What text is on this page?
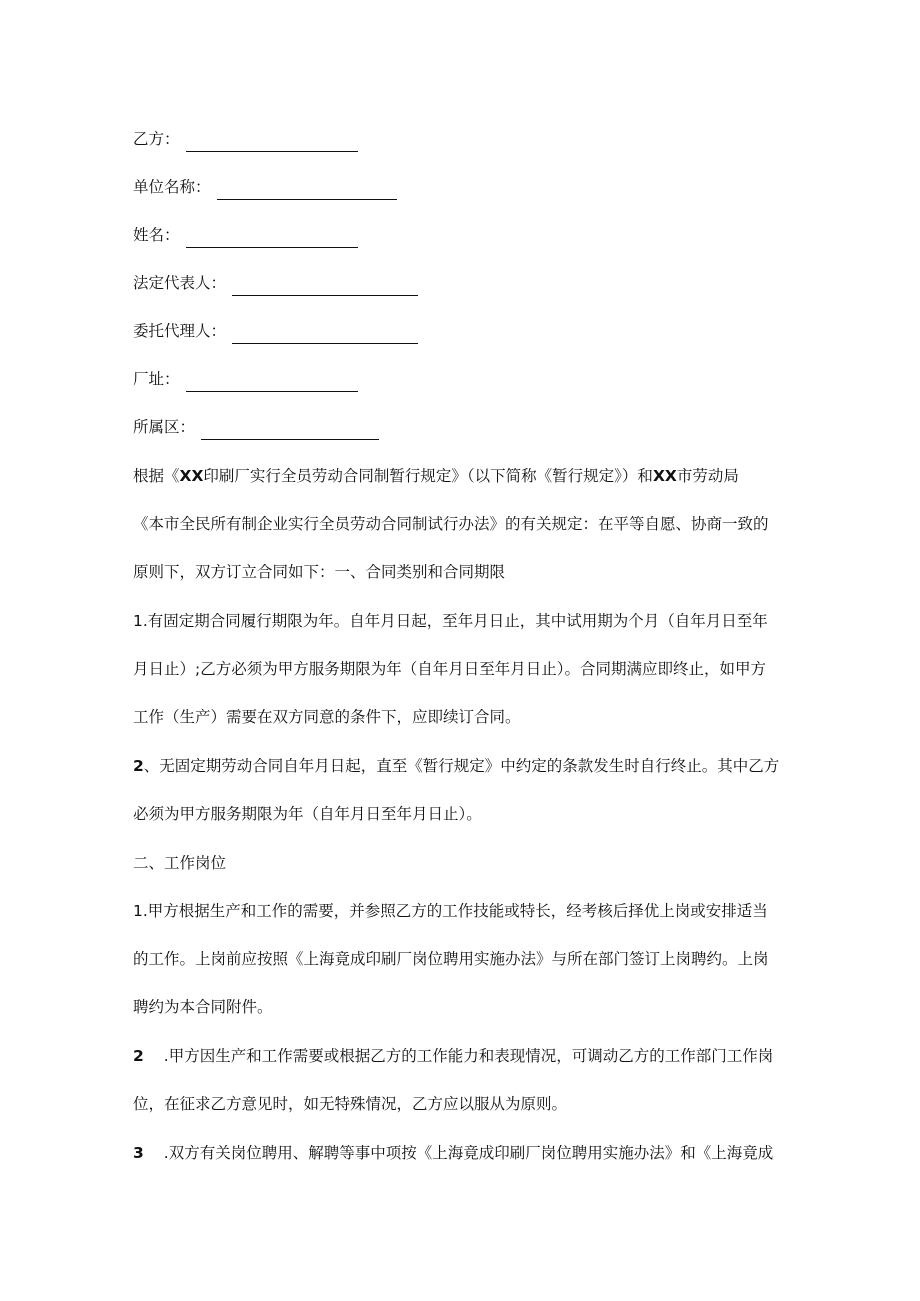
乙方：
单位名称：
姓名：
法定代表人：
委托代理人：
厂址：
所属区：
根据《XX印刷厂实行全员劳动合同制暂行规定》（以下简称《暂行规定》）和XX市劳动局
《本市全民所有制企业实行全员劳动合同制试行办法》的有关规定：在平等自愿、协商一致的
原则下，双方订立合同如下：一、合同类别和合同期限
1.有固定期合同履行期限为年。自年月日起，至年月日止，其中试用期为个月（自年月日至年
月日止）;乙方必须为甲方服务期限为年（自年月日至年月日止）。合同期满应即终止，如甲方
工作（生产）需要在双方同意的条件下，应即续订合同。
2、无固定期劳动合同自年月日起，直至《暂行规定》中约定的条款发生时自行终止。其中乙方
必须为甲方服务期限为年（自年月日至年月日止）。
二、工作岗位
1.甲方根据生产和工作的需要，并参照乙方的工作技能或特长，经考核后择优上岗或安排适当
的工作。上岗前应按照《上海竟成印刷厂岗位聘用实施办法》与所在部门签订上岗聘约。上岗
聘约为本合同附件。
2 .甲方因生产和工作需要或根据乙方的工作能力和表现情况，可调动乙方的工作部门工作岗
位，在征求乙方意见时，如无特殊情况，乙方应以服从为原则。
3 .双方有关岗位聘用、解聘等事中项按《上海竟成印刷厂岗位聘用实施办法》和《上海竟成
